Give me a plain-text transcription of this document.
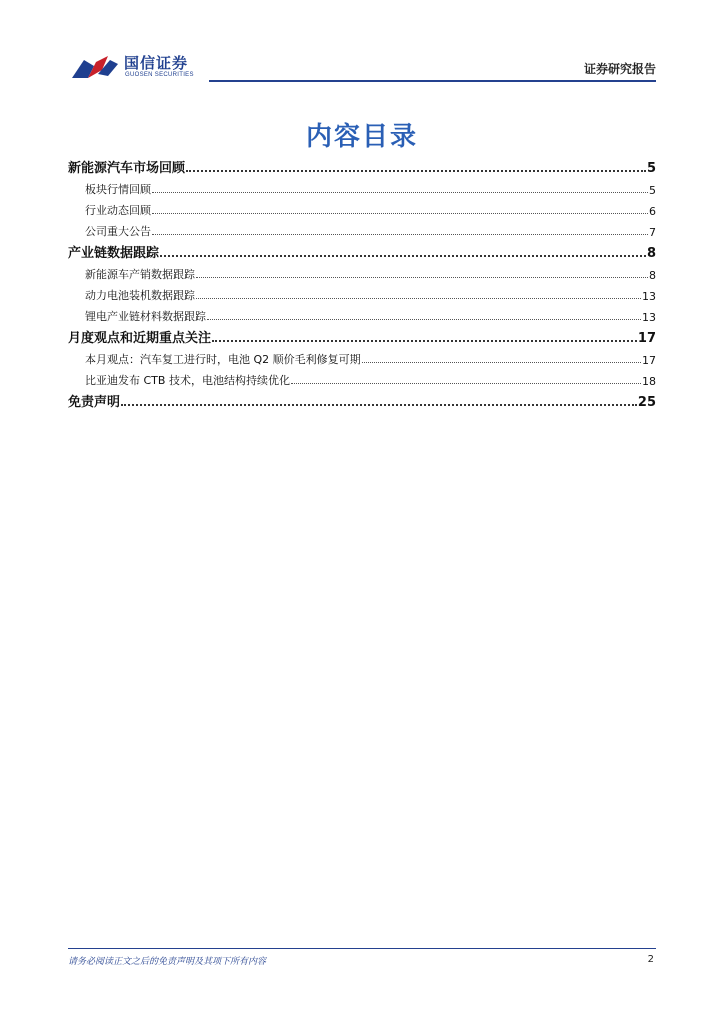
国信证券
GUOSEN SECURITIES	证券研究报告
内容目录
新能源汽车市场回顾	5
板块行情回顾	5
行业动态回顾	6
公司重大公告	7
产业链数据跟踪	8
新能源车产销数据跟踪	8
动力电池装机数据跟踪	13
锂电产业链材料数据跟踪	13
月度观点和近期重点关注	17
本月观点：汽车复工进行时，电池 Q2 顺价毛利修复可期	17
比亚迪发布 CTB 技术，电池结构持续优化	18
免责声明	25
请务必阅读正文之后的免责声明及其项下所有内容	2
